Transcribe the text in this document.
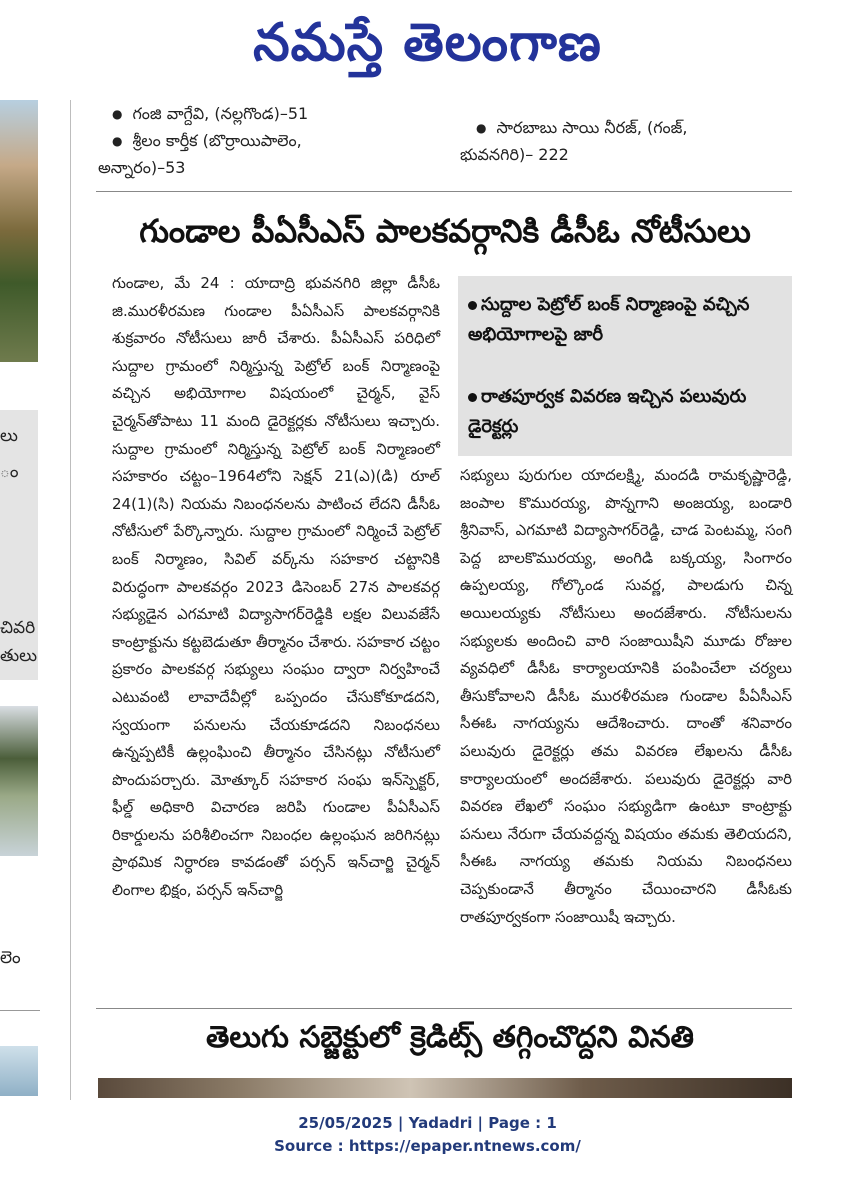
నమస్తే తెలంగాణ
లు
ం
చివరి
తులు
లెం
● గంజి వాగ్దేవి, (నల్లగొండ)–51
● శ్రీలం కార్తీక (బొర్రాయిపాలెం,
అన్నారం)–53
● సారబాబు సాయి నీరజ్, (గంజ్,
భువనగిరి)– 222
గుండాల పీఏసీఎస్ పాలకవర్గానికి డీసీఓ నోటీసులు
గుండాల, మే 24 : యాదాద్రి భువనగిరి జిల్లా డీసీఓ జి.మురళీరమణ గుండాల పీఏసీఎస్ పాలకవర్గానికి శుక్రవారం నోటీసులు జారీ చేశారు. పీఏసీఎస్ పరిధిలో సుద్దాల గ్రామంలో నిర్మిస్తున్న పెట్రోల్ బంక్ నిర్మాణంపై వచ్చిన అభియోగాల విషయంలో చైర్మన్, వైస్ చైర్మన్‌తోపాటు 11 మంది డైరెక్టర్లకు నోటీసులు ఇచ్చారు. సుద్దాల గ్రామంలో నిర్మిస్తున్న పెట్రోల్ బంక్ నిర్మాణంలో సహకారం చట్టం–1964లోని సెక్షన్ 21(ఎ)(డి) రూల్ 24(1)(సి) నియమ నిబంధనలను పాటించ లేదని డీసీఓ నోటీసులో పేర్కొన్నారు. సుద్దాల గ్రామంలో నిర్మించే పెట్రోల్ బంక్ నిర్మాణం, సివిల్ వర్క్‌ను సహకార చట్టానికి విరుద్ధంగా పాలకవర్గం 2023 డిసెంబర్ 27న పాలకవర్గ సభ్యుడైన ఎగమాటి విద్యాసాగర్‌రెడ్డికి లక్షల విలువజేసే కాంట్రాక్టును కట్టబెడుతూ తీర్మానం చేశారు. సహకార చట్టం ప్రకారం పాలకవర్గ సభ్యులు సంఘం ద్వారా నిర్వహించే ఎటువంటి లావాదేవీల్లో ఒప్పందం చేసుకోకూడదని, స్వయంగా పనులను చేయకూడదని నిబంధనలు ఉన్నప్పటికీ ఉల్లంఘించి తీర్మానం చేసినట్లు నోటీసులో పొందుపర్చారు. మోత్కూర్ సహకార సంఘ ఇన్‌స్పెక్టర్, ఫీల్డ్ అధికారి విచారణ జరిపి గుండాల పీఏసీఎస్ రికార్డులను పరిశీలించగా నిబంధల ఉల్లంఘన జరిగినట్లు ప్రాథమిక నిర్ధారణ కావడంతో పర్సన్ ఇన్‌చార్జి చైర్మన్ లింగాల భిక్షం, పర్సన్ ఇన్‌చార్జి
సుద్దాల పెట్రోల్ బంక్ నిర్మాణంపై వచ్చిన అభియోగాలపై జారీ
రాతపూర్వక వివరణ ఇచ్చిన పలువురు డైరెక్టర్లు
సభ్యులు పురుగుల యాదలక్ష్మి, మందడి రామకృష్ణారెడ్డి, జంపాల కొమురయ్య, పొన్నగాని అంజయ్య, బండారి శ్రీనివాస్, ఎగమాటి విద్యాసాగర్‌రెడ్డి, చాడ పెంటమ్మ, సంగి పెద్ద బాలకొమురయ్య, అంగిడి బక్కయ్య, సింగారం ఉప్పలయ్య, గోల్కొండ సువర్ణ, పాలడుగు చిన్న అయిలయ్యకు నోటీసులు అందజేశారు. నోటీసులను సభ్యులకు అందించి వారి సంజాయిషీని మూడు రోజుల వ్యవధిలో డీసీఓ కార్యాలయానికి పంపించేలా చర్యలు తీసుకోవాలని డీసీఓ మురళీరమణ గుండాల పీఏసీఎస్ సీఈఓ నాగయ్యను ఆదేశించారు. దాంతో శనివారం పలువురు డైరెక్టర్లు తమ వివరణ లేఖలను డీసీఓ కార్యాలయంలో అందజేశారు. పలువురు డైరెక్టర్లు వారి వివరణ లేఖలో సంఘం సభ్యుడిగా ఉంటూ కాంట్రాక్టు పనులు నేరుగా చేయవద్దన్న విషయం తమకు తెలియదని, సీఈఓ నాగయ్య తమకు నియమ నిబంధనలు చెప్పకుండానే తీర్మానం చేయించారని డీసీఓకు రాతపూర్వకంగా సంజాయిషీ ఇచ్చారు.
తెలుగు సబ్జెక్టులో క్రెడిట్స్ తగ్గించొద్దని వినతి
25/05/2025 | Yadadri | Page : 1
Source : https://epaper.ntnews.com/
